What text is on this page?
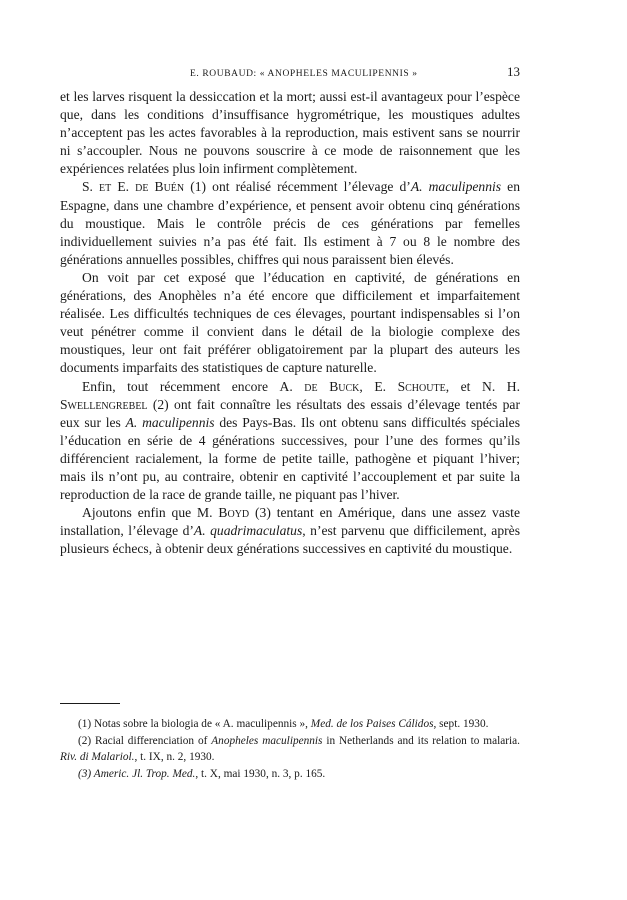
E. ROUBAUD: « ANOPHELES MACULIPENNIS »	13

et les larves risquent la dessiccation et la mort; aussi est-il avantageux pour l’espèce que, dans les conditions d’insuffisance hygrométrique, les moustiques adultes n’acceptent pas les actes favorables à la reproduction, mais estivent sans se nourrir ni s’accoupler. Nous ne pouvons souscrire à ce mode de raisonnement que les expériences relatées plus loin infirment complètement.

S. et E. de Buén (1) ont réalisé récemment l’élevage d’A. maculipennis en Espagne, dans une chambre d’expérience, et pensent avoir obtenu cinq générations du moustique. Mais le contrôle précis de ces générations par femelles individuellement suivies n’a pas été fait. Ils estiment à 7 ou 8 le nombre des générations annuelles possibles, chiffres qui nous paraissent bien élevés.

On voit par cet exposé que l’éducation en captivité, de générations en générations, des Anophèles n’a été encore que difficilement et imparfaitement réalisée. Les difficultés techniques de ces élevages, pourtant indispensables si l’on veut pénétrer comme il convient dans le détail de la biologie complexe des moustiques, leur ont fait préférer obligatoirement par la plupart des auteurs les documents imparfaits des statistiques de capture naturelle.

Enfin, tout récemment encore A. de Buck, E. Schoute, et N. H. Swellengrebel (2) ont fait connaître les résultats des essais d’élevage tentés par eux sur les A. maculipennis des Pays-Bas. Ils ont obtenu sans difficultés spéciales l’éducation en série de 4 générations successives, pour l’une des formes qu’ils différencient racialement, la forme de petite taille, pathogène et piquant l’hiver; mais ils n’ont pu, au contraire, obtenir en captivité l’accouplement et par suite la reproduction de la race de grande taille, ne piquant pas l’hiver.

Ajoutons enfin que M. Boyd (3) tentant en Amérique, dans une assez vaste installation, l’élevage d’A. quadrimaculatus, n’est parvenu que difficilement, après plusieurs échecs, à obtenir deux générations successives en captivité du moustique.

(1) Notas sobre la biologia de « A. maculipennis », Med. de los Paises Cálidos, sept. 1930.

(2) Racial differenciation of Anopheles maculipennis in Netherlands and its relation to malaria. Riv. di Malariol., t. IX, n. 2, 1930.

(3) Americ. Jl. Trop. Med., t. X, mai 1930, n. 3, p. 165.
